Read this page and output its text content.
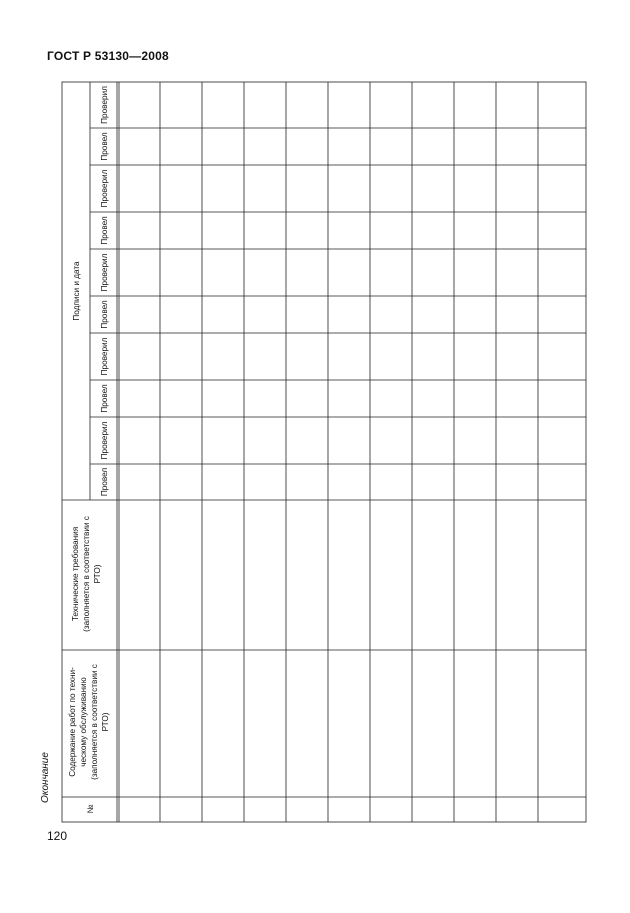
ГОСТ Р 53130—2008
Окончание
120
№
Содержание работ по техни- ческому обслуживанию (заполняется в соответствии с РТО)
Технические требования (заполняется в соответствии с РТО)
Подписи и дата
Провел
Проверил
Провел
Проверил
Провел
Проверил
Провел
Проверил
Провел
Проверил
